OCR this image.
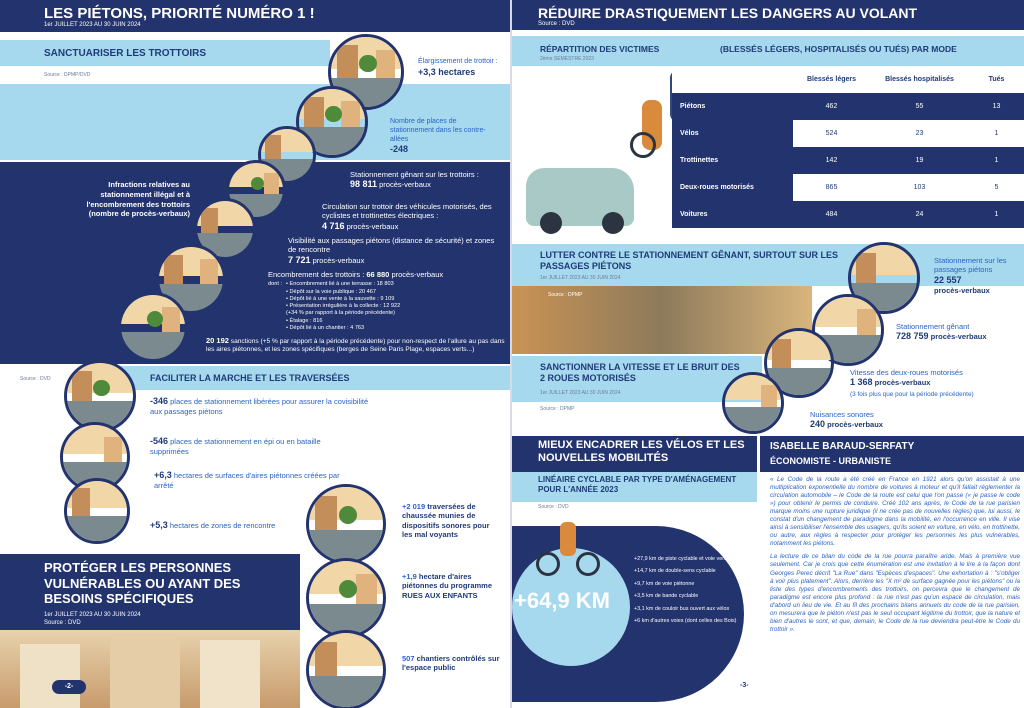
LES PIÉTONS, PRIORITÉ NUMÉRO 1 !
1er JUILLET 2023 AU 30 JUIN 2024
SANCTUARISER LES TROTTOIRS
Source : DPMP/DVD
Élargissement de trottoir :
+3,3 hectares
Nombre de places de stationnement dans les contre-allées
-248
Infractions relatives au stationnement illégal et à l'encombrement des trottoirs (nombre de procès-verbaux)
Stationnement gênant sur les trottoirs :
98 811 procès-verbaux
Circulation sur trottoir des véhicules motorisés, des cyclistes et trottinettes électriques :
4 716 procès-verbaux
Visibilité aux passages piétons (distance de sécurité) et zones de rencontre
7 721 procès-verbaux
Encombrement des trottoirs : 66 880 procès-verbaux
dont : • Encombrement lié à une terrasse : 18 803
• Dépôt sur la voie publique : 20 467
• Dépôt lié à une vente à la sauvette : 9 109
• Présentation irrégulière à la collecte : 12 922
(+34 % par rapport à la période précédente)
• Étalage : 816
• Dépôt lié à un chantier : 4 763
20 192 sanctions (+5 % par rapport à la période précédente) pour non-respect de l'allure au pas dans les aires piétonnes, et les zones spécifiques (berges de Seine Paris Plage, espaces verts...)
Source : DVD	FACILITER LA MARCHE ET LES TRAVERSÉES
-346 places de stationnement libérées pour assurer la covisibilité aux passages piétons
-546 places de stationnement en épi ou en bataille supprimées
+6,3 hectares de surfaces d'aires piétonnes créées par arrêté
+5,3 hectares de zones de rencontre
PROTÉGER LES PERSONNES VULNÉRABLES OU AYANT DES BESOINS SPÉCIFIQUES
1er JUILLET 2023 AU 30 JUIN 2024
Source : DVD
+2 019 traversées de chaussée munies de dispositifs sonores pour les mal voyants
+1,9 hectare d'aires piétonnes du programme RUES AUX ENFANTS
507 chantiers contrôlés sur l'espace public
-2-
RÉDUIRE DRASTIQUEMENT LES DANGERS AU VOLANT
Source : DVD
RÉPARTITION DES VICTIMES	(BLESSÉS LÉGERS, HOSPITALISÉS OU TUÉS) PAR MODE
2ème SEMESTRE 2023
	Blessés légers	Blessés hospitalisés	Tués
Piétons	462	55	13
Vélos	524	23	1
Trottinettes	142	19	1
Deux-roues motorisés	865	103	5
Voitures	484	24	1
LUTTER CONTRE LE STATIONNEMENT GÊNANT, SURTOUT SUR LES PASSAGES PIÉTONS
1er JUILLET 2023 AU 30 JUIN 2024
Source : DPMP
Stationnement sur les passages piétons
22 557
procès-verbaux
Stationnement gênant
728 759 procès-verbaux
SANCTIONNER LA VITESSE ET LE BRUIT DES 2 ROUES MOTORISÉS
1er JUILLET 2023 AU 30 JUIN 2024
Source : DPMP
Vitesse des deux-roues motorisés
1 368 procès-verbaux
(3 fois plus que pour la période précédente)
Nuisances sonores
240 procès-verbaux
MIEUX ENCADRER LES VÉLOS ET LES NOUVELLES MOBILITÉS
LINÉAIRE CYCLABLE PAR TYPE D'AMÉNAGEMENT POUR L'ANNÉE 2023
Source : DVD
+64,9 KM
+27,9 km de piste cyclable et voie verte
+14,7 km de double-sens cyclable
+9,7 km de voie piétonne
+3,5 km de bande cyclable
+3,1 km de couloir bus ouvert aux vélos
+6 km d'autres voies (dont celles des Bois)
ISABELLE BARAUD-SERFATY
ÉCONOMISTE - URBANISTE

« Le Code de la route a été créé en France en 1921 alors qu'on assistait à une multiplication exponentielle du nombre de voitures à moteur et qu'il fallait réglementer la circulation automobile – le Code de la route est celui que l'on passe (« je passe le code ») pour obtenir le permis de conduire. Créé 102 ans après, le Code de la rue parisien marque moins une rupture juridique (il ne crée pas de nouvelles règles) que, lui aussi, le constat d'un changement de paradigme dans la mobilité, en l'occurrence en ville. Il vise ainsi à sensibiliser l'ensemble des usagers, qu'ils soient en voiture, en vélo, en trottinette, ou autre, aux règles à respecter pour protéger les personnes les plus vulnérables, notamment les piétons.

La lecture de ce bilan du code de la rue pourra paraître aride. Mais à première vue seulement. Car je crois que cette énumération est une invitation à le lire à la façon dont Georges Perec décrit "La Rue" dans "Espèces d'espaces". Une exhortation à : "s'obliger à voir plus platement". Alors, derrière les "X m² de surface gagnée pour les piétons" ou la liste des types d'encombrements des trottoirs, on percevra que le changement de paradigme est encore plus profond : la rue n'est pas qu'un espace de circulation, mais d'abord un lieu de vie. Et au fil des prochains bilans annuels du code de la rue parisien, on mesurera que le piéton n'est pas le seul occupant légitime du trottoir, que la nature et bien d'autres le sont, et que, demain, le Code de la rue deviendra peut-être le Code du trottoir ».

-3-
